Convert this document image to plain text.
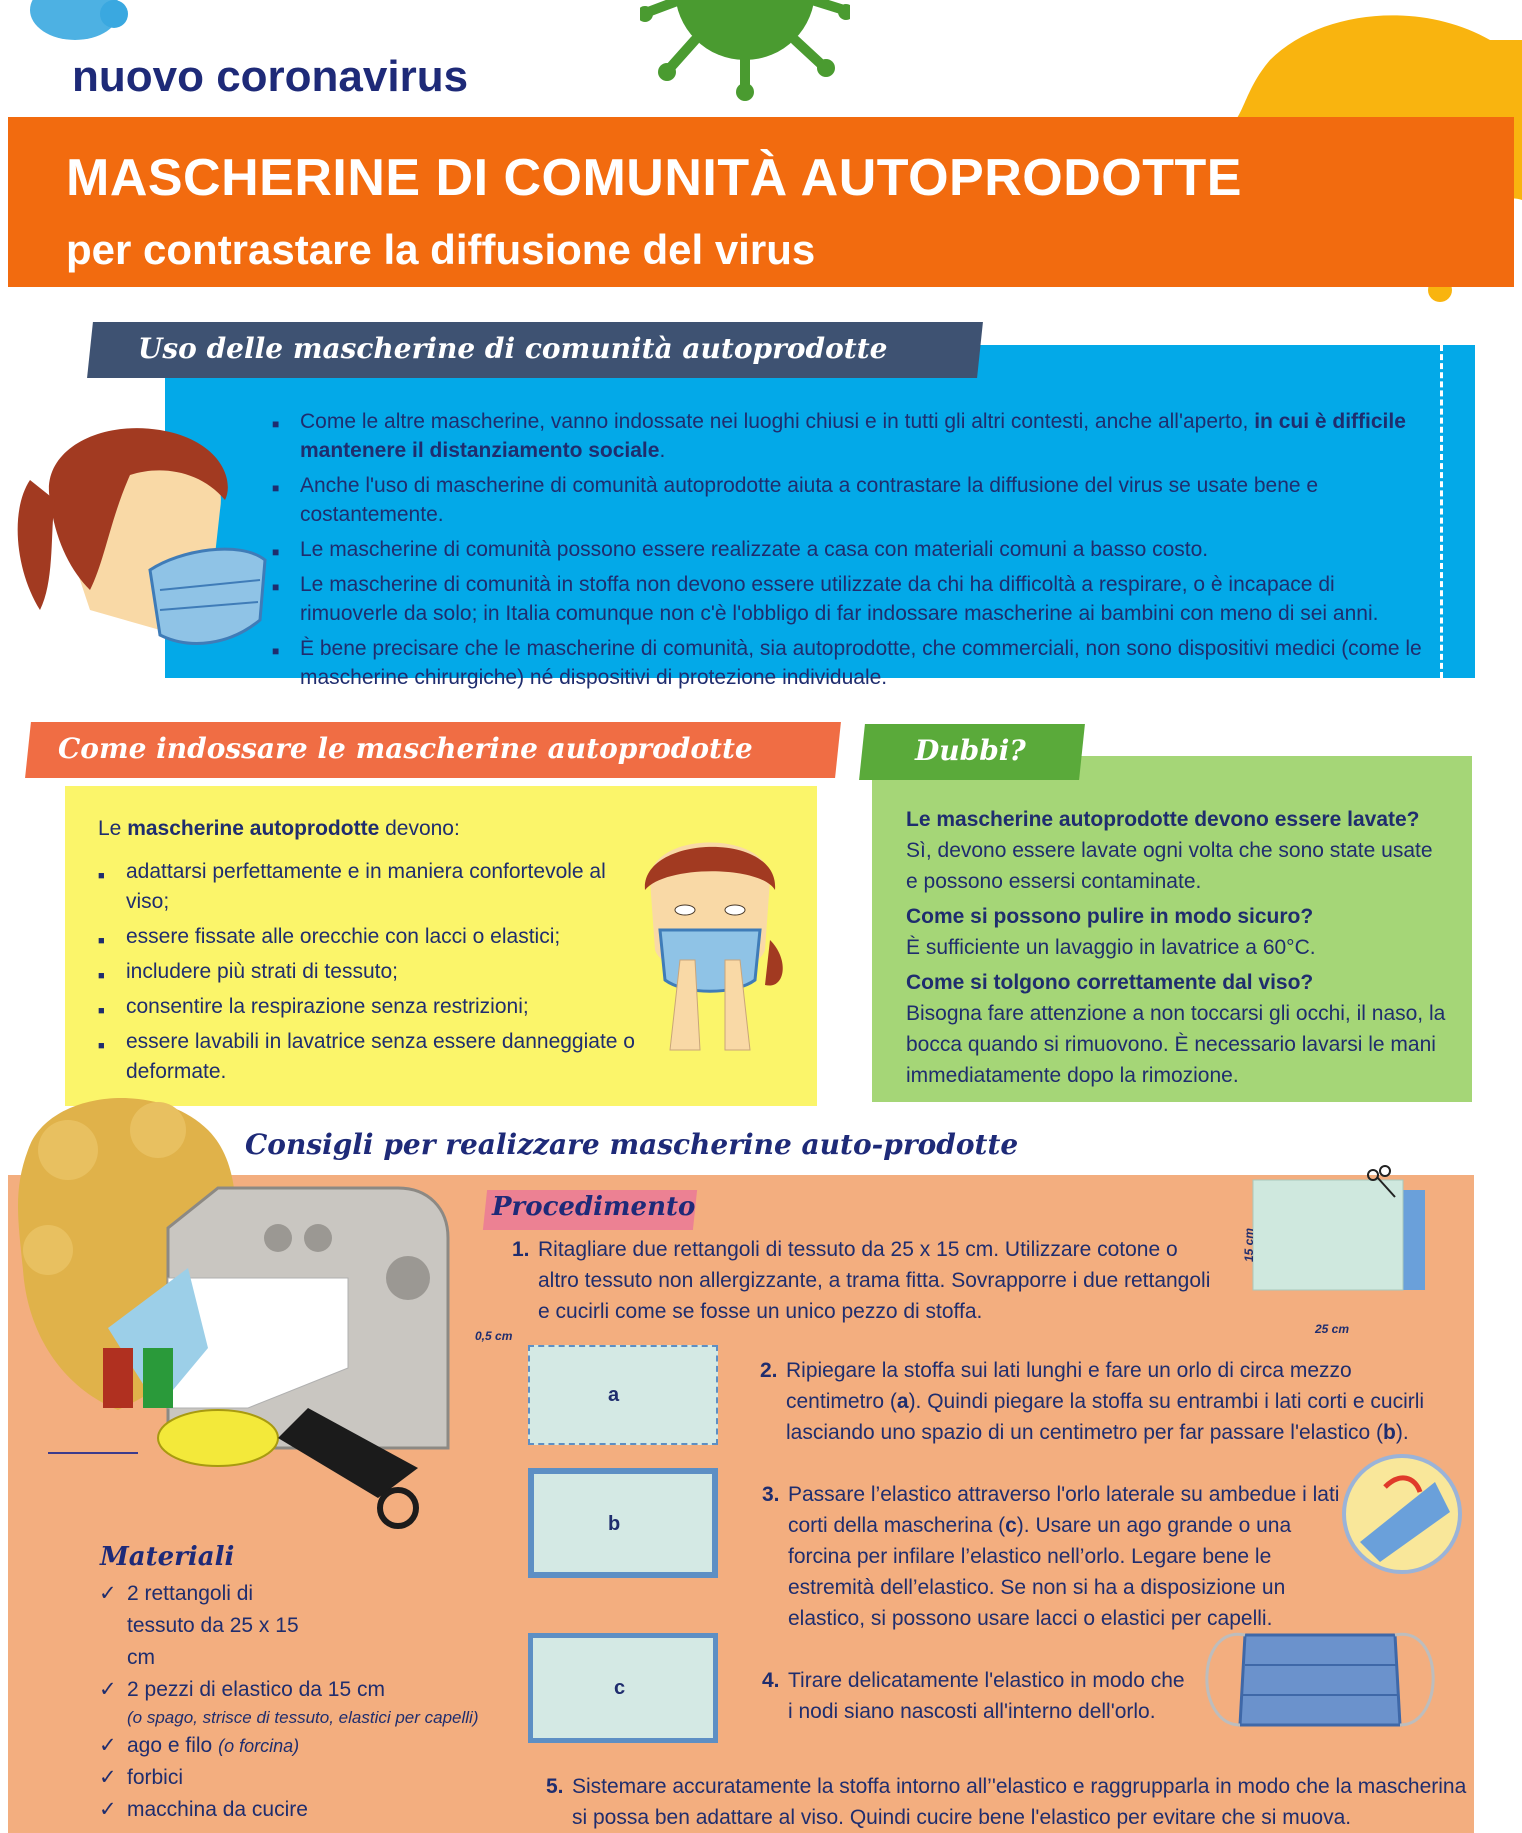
nuovo coronavirus
MASCHERINE DI COMUNITÀ AUTOPRODOTTE
per contrastare la diffusione del virus
Uso delle mascherine di comunità autoprodotte
■ Come le altre mascherine, vanno indossate nei luoghi chiusi e in tutti gli altri contesti, anche all'aperto, in cui è difficile mantenere il distanziamento sociale.
■ Anche l'uso di mascherine di comunità autoprodotte aiuta a contrastare la diffusione del virus se usate bene e costantemente.
■ Le mascherine di comunità possono essere realizzate a casa con materiali comuni a basso costo.
■ Le mascherine di comunità in stoffa non devono essere utilizzate da chi ha difficoltà a respirare, o è incapace di rimuoverle da solo; in Italia comunque non c'è l'obbligo di far indossare mascherine ai bambini con meno di sei anni.
■ È bene precisare che le mascherine di comunità, sia autoprodotte, che commerciali, non sono dispositivi medici (come le mascherine chirurgiche) né dispositivi di protezione individuale.
Come indossare le mascherine autoprodotte
Le mascherine autoprodotte devono:
■ adattarsi perfettamente e in maniera confortevole al viso;
■ essere fissate alle orecchie con lacci o elastici;
■ includere più strati di tessuto;
■ consentire la respirazione senza restrizioni;
■ essere lavabili in lavatrice senza essere danneggiate o deformate.
Dubbi?
Le mascherine autoprodotte devono essere lavate?
Sì, devono essere lavate ogni volta che sono state usate e possono essersi contaminate.
Come si possono pulire in modo sicuro?
È sufficiente un lavaggio in lavatrice a 60°C.
Come si tolgono correttamente dal viso?
Bisogna fare attenzione a non toccarsi gli occhi, il naso, la bocca quando si rimuovono. È necessario lavarsi le mani immediatamente dopo la rimozione.
Consigli per realizzare mascherine auto-prodotte
Procedimento
1. Ritagliare due rettangoli di tessuto da 25 x 15 cm. Utilizzare cotone o altro tessuto non allergizzante, a trama fitta. Sovrapporre i due rettangoli e cucirli come se fosse un unico pezzo di stoffa.
2. Ripiegare la stoffa sui lati lunghi e fare un orlo di circa mezzo centimetro (a). Quindi piegare la stoffa su entrambi i lati corti e cucirli lasciando uno spazio di un centimetro per far passare l'elastico (b).
3. Passare l’elastico attraverso l'orlo laterale su ambedue i lati corti della mascherina (c). Usare un ago grande o una forcina per infilare l’elastico nell’orlo. Legare bene le estremità dell’elastico. Se non si ha a disposizione un elastico, si possono usare lacci o elastici per capelli.
4. Tirare delicatamente l'elastico in modo che i nodi siano nascosti all'interno dell'orlo.
5. Sistemare accuratamente la stoffa intorno all’'elastico e raggrupparla in modo che la mascherina si possa ben adattare al viso. Quindi cucire bene l'elastico per evitare che si muova.
15 cm
25 cm
0,5 cm
a
b
c
Materiali
✓ 2 rettangoli di tessuto da 25 x 15 cm
✓ 2 pezzi di elastico da 15 cm
(o spago, strisce di tessuto, elastici per capelli)
✓ ago e filo (o forcina)
✓ forbici
✓ macchina da cucire
